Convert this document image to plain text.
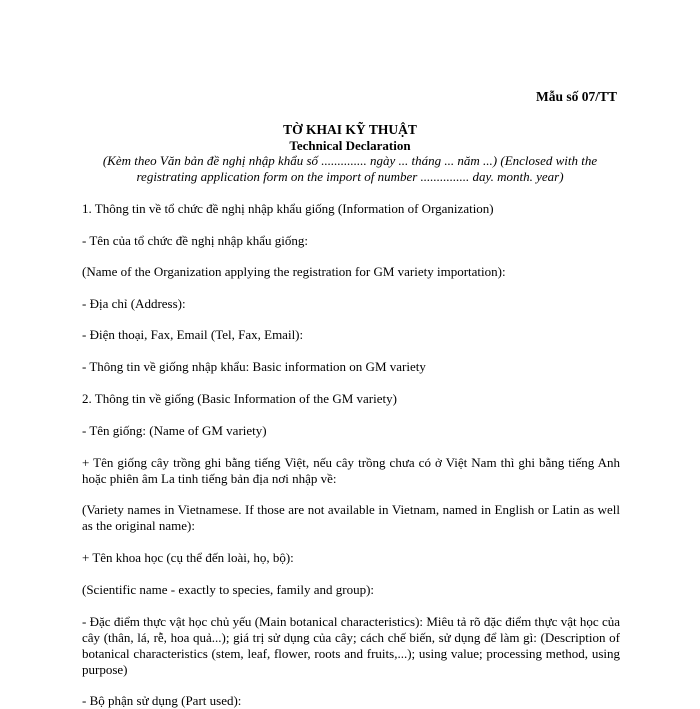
Mẫu số 07/TT
TỜ KHAI KỸ THUẬT
Technical Declaration
(Kèm theo Văn bản đề nghị nhập khẩu số .............. ngày ... tháng ... năm ...) (Enclosed with the registrating application form on the import of number ............... day. month. year)
1. Thông tin về tổ chức đề nghị nhập khẩu giống (Information of Organization)
- Tên của tổ chức đề nghị nhập khẩu giống:
(Name of the Organization applying the registration for GM variety importation):
- Địa chỉ (Address):
- Điện thoại, Fax, Email (Tel, Fax, Email):
- Thông tin về giống nhập khẩu: Basic information on GM variety
2. Thông tin về giống (Basic Information of the GM variety)
- Tên giống: (Name of GM variety)
+ Tên giống cây trồng ghi bằng tiếng Việt, nếu cây trồng chưa có ở Việt Nam thì ghi bằng tiếng Anh hoặc phiên âm La tinh tiếng bản địa nơi nhập về:
(Variety names in Vietnamese. If those are not available in Vietnam, named in English or Latin as well as the original name):
+ Tên khoa học (cụ thể đến loài, họ, bộ):
(Scientific name - exactly to species, family and group):
- Đặc điểm thực vật học chủ yếu (Main botanical characteristics): Miêu tả rõ đặc điểm thực vật học của cây (thân, lá, rễ, hoa quả...); giá trị sử dụng của cây; cách chế biến, sử dụng để làm gì: (Description of botanical characteristics (stem, leaf, flower, roots and fruits,...); using value; processing method, using purpose)
- Bộ phận sử dụng (Part used):
